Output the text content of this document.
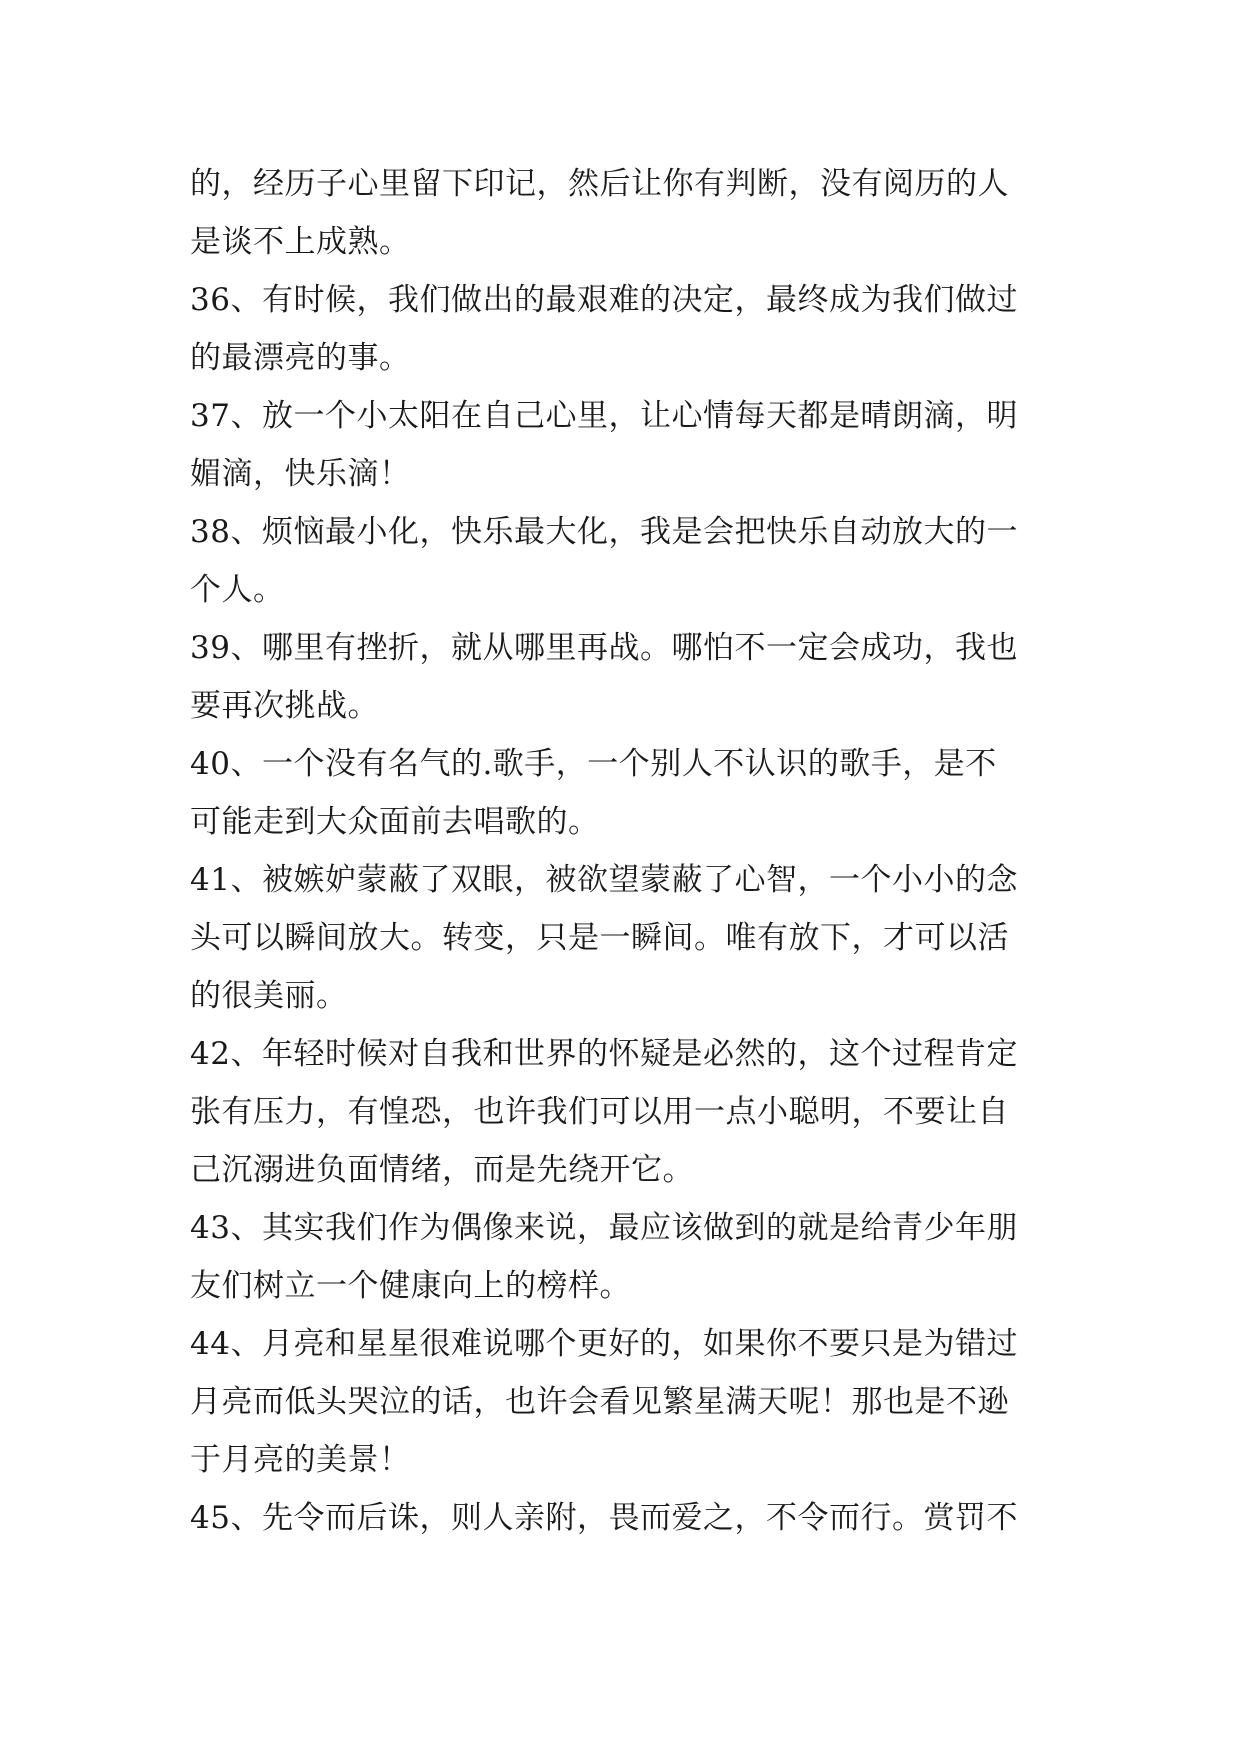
的，经历子心里留下印记，然后让你有判断，没有阅历的人
是谈不上成熟。
36、有时候，我们做出的最艰难的决定，最终成为我们做过
的最漂亮的事。
37、放一个小太阳在自己心里，让心情每天都是晴朗滴，明
媚滴，快乐滴！
38、烦恼最小化，快乐最大化，我是会把快乐自动放大的一
个人。
39、哪里有挫折，就从哪里再战。哪怕不一定会成功，我也
要再次挑战。
40、一个没有名气的.歌手，一个别人不认识的歌手，是不
可能走到大众面前去唱歌的。
41、被嫉妒蒙蔽了双眼，被欲望蒙蔽了心智，一个小小的念
头可以瞬间放大。转变，只是一瞬间。唯有放下，才可以活
的很美丽。
42、年轻时候对自我和世界的怀疑是必然的，这个过程肯定
张有压力，有惶恐，也许我们可以用一点小聪明，不要让自
己沉溺进负面情绪，而是先绕开它。
43、其实我们作为偶像来说，最应该做到的就是给青少年朋
友们树立一个健康向上的榜样。
44、月亮和星星很难说哪个更好的，如果你不要只是为错过
月亮而低头哭泣的话，也许会看见繁星满天呢！那也是不逊
于月亮的美景！
45、先令而后诛，则人亲附，畏而爱之，不令而行。赏罚不
